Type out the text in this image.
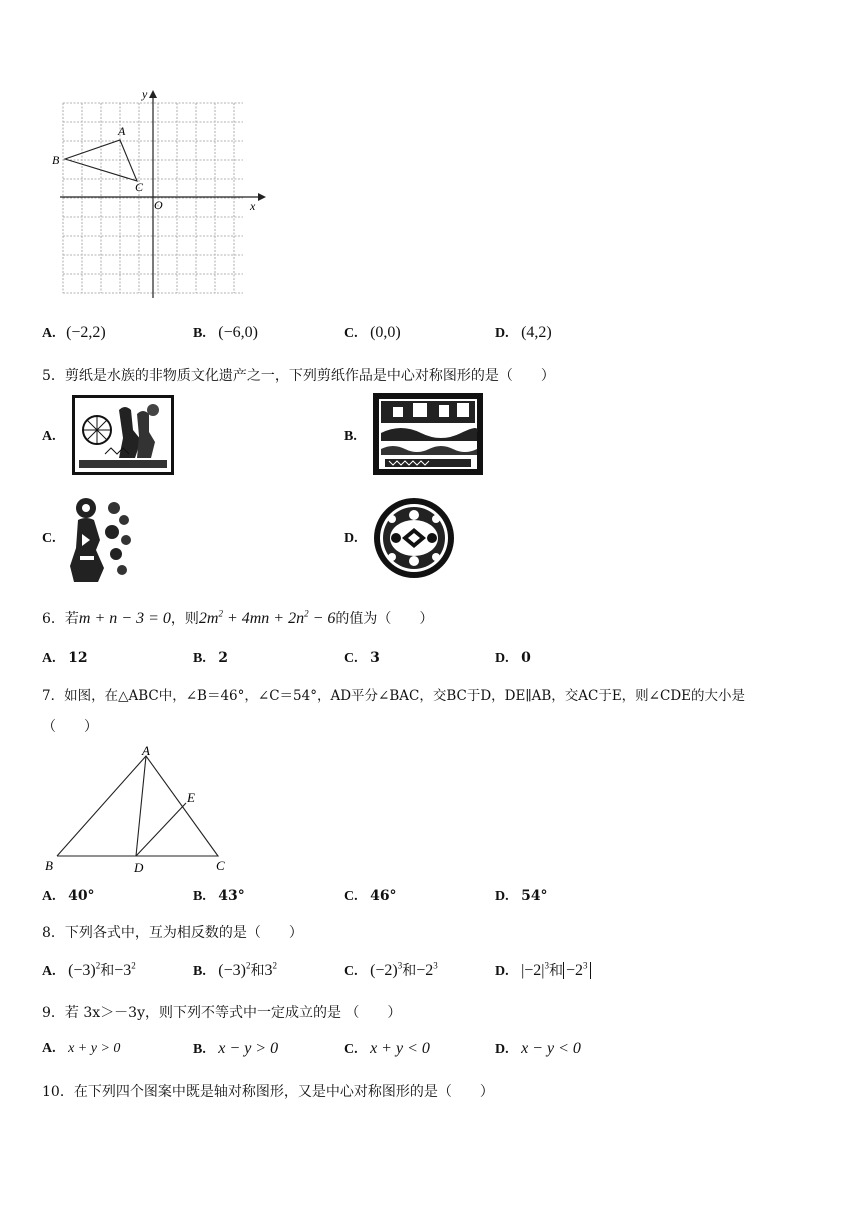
y
x
O
A
B
C
A. (−2,2)	B. (−6,0)	C. (0,0)	D. (4,2)
5．剪纸是水族的非物质文化遗产之一，下列剪纸作品是中心对称图形的是（　　）
A.	B.
C.	D.
6．若m + n − 3 = 0，则$2m^2 + 4mn + 2n^2 - 6$的值为（　　）
A. 12	B. 2	C. 3	D. 0
7．如图，在△ABC中，∠B＝46°，∠C＝54°，AD平分∠BAC，交BC于D，DE∥AB，交AC于E，则∠CDE的大小是
（　　）
A
B	C
D
E
A. 40°	B. 43°	C. 46°	D. 54°
8．下列各式中，互为相反数的是（　　）
A. $(-3)^2$和$-3^2$	B. $(-3)^2$和$3^2$	C. $(-2)^3$和$-2^3$	D. $|-2|^3$和 $-2^3$
9．若 3x＞－3y，则下列不等式中一定成立的是 （　　）
A. x + y > 0	B. x − y > 0	C. x + y < 0	D. x − y < 0
10．在下列四个图案中既是轴对称图形，又是中心对称图形的是（　　）
